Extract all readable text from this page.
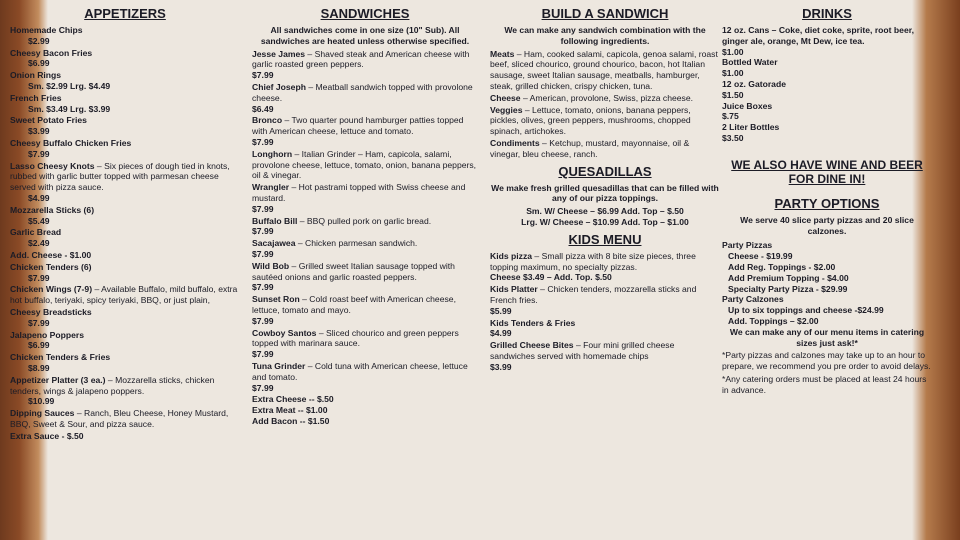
APPETIZERS
Homemade Chips
$2.99
Cheesy Bacon Fries
$6.99
Onion Rings
Sm. $2.99 Lrg. $4.49
French Fries
Sm. $3.49 Lrg. $3.99
Sweet Potato Fries
$3.99
Cheesy Buffalo Chicken Fries
$7.99
Lasso Cheesy Knots – Six pieces of dough tied in knots, rubbed with garlic butter topped with parmesan cheese served with pizza sauce.
$4.99
Mozzarella Sticks (6)
$5.49
Garlic Bread
$2.49
Add. Cheese - $1.00
Chicken Tenders (6)
$7.99
Chicken Wings (7-9) – Available Buffalo, mild buffalo, extra hot buffalo, teriyaki, spicy teriyaki, BBQ, or just plain,
Cheesy Breadsticks
$7.99
Jalapeno Poppers
$6.99
Chicken Tenders & Fries
$8.99
Appetizer Platter (3 ea.) – Mozzarella sticks, chicken tenders, wings & jalapeno poppers.
$10.99
Dipping Sauces – Ranch, Bleu Cheese, Honey Mustard, BBQ, Sweet & Sour, and pizza sauce.
Extra Sauce - $.50
SANDWICHES
All sandwiches come in one size (10" Sub). All sandwiches are heated unless otherwise specified.
Jesse James – Shaved steak and American cheese with garlic roasted green peppers.
$7.99
Chief Joseph – Meatball sandwich topped with provolone cheese.
$6.49
Bronco – Two quarter pound hamburger patties topped with American cheese, lettuce and tomato.
$7.99
Longhorn – Italian Grinder – Ham, capicola, salami, provolone cheese, lettuce, tomato, onion, banana peppers, oil & vinegar.
Wrangler – Hot pastrami topped with Swiss cheese and mustard.
$7.99
Buffalo Bill – BBQ pulled pork on garlic bread.
$7.99
Sacajawea – Chicken parmesan sandwich.
$7.99
Wild Bob – Grilled sweet Italian sausage topped with sautéed onions and garlic roasted peppers.
$7.99
Sunset Ron – Cold roast beef with American cheese, lettuce, tomato and mayo.
$7.99
Cowboy Santos – Sliced chourico and green peppers topped with marinara sauce.
$7.99
Tuna Grinder – Cold tuna with American cheese, lettuce and tomato.
$7.99
Extra Cheese -- $.50
Extra Meat -- $1.00
Add Bacon -- $1.50
BUILD A SANDWICH
We can make any sandwich combination with the following ingredients.
Meats – Ham, cooked salami, capicola, genoa salami, roast beef, sliced chourico, ground chourico, bacon, hot Italian sausage, sweet Italian sausage, meatballs, hamburger, steak, grilled chicken, crispy chicken, tuna.
Cheese – American, provolone, Swiss, pizza cheese.
Veggies – Lettuce, tomato, onions, banana peppers, pickles, olives, green peppers, mushrooms, chopped spinach, artichokes.
Condiments – Ketchup, mustard, mayonnaise, oil & vinegar, bleu cheese, ranch.
QUESADILLAS
We make fresh grilled quesadillas that can be filled with any of our pizza toppings.
Sm. W/ Cheese – $6.99 Add. Top – $.50
Lrg. W/ Cheese – $10.99 Add. Top – $1.00
KIDS MENU
Kids pizza – Small pizza with 8 bite size pieces, three topping maximum, no specialty pizzas.
Cheese $3.49 – Add. Top. $.50
Kids Platter – Chicken tenders, mozzarella sticks and French fries.
$5.99
Kids Tenders & Fries
$4.99
Grilled Cheese Bites – Four mini grilled cheese sandwiches served with homemade chips
$3.99
DRINKS
12 oz. Cans – Coke, diet coke, sprite, root beer, ginger ale, orange, Mt Dew, ice tea.
$1.00
Bottled Water
$1.00
12 oz. Gatorade
$1.50
Juice Boxes
$.75
2 Liter Bottles
$3.50
WE ALSO HAVE WINE AND BEER FOR DINE IN!
PARTY OPTIONS
We serve 40 slice party pizzas and 20 slice calzones.
Party Pizzas
Cheese - $19.99
Add Reg. Toppings - $2.00
Add Premium Topping - $4.00
Specialty Party Pizza - $29.99
Party Calzones
Up to six toppings and cheese -$24.99
Add. Toppings – $2.00
We can make any of our menu items in catering sizes just ask!*
*Party pizzas and calzones may take up to an hour to prepare, we recommend you pre order to avoid delays.
*Any catering orders must be placed at least 24 hours in advance.
